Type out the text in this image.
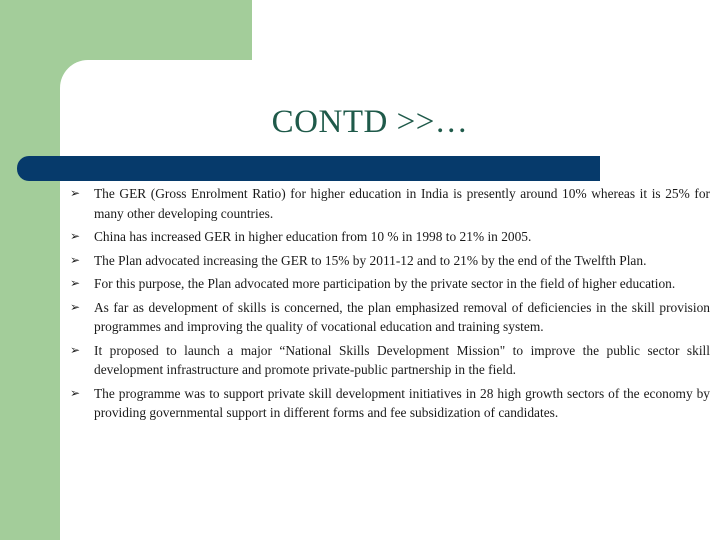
CONTD >>…
➢ The GER (Gross Enrolment Ratio) for higher education in India is presently around 10% whereas it is 25% for many other developing countries.
➢ China has increased GER in higher education from 10 % in 1998 to 21% in 2005.
➢ The Plan advocated increasing the GER to 15% by 2011-12 and to 21% by the end of the Twelfth Plan.
➢ For this purpose, the Plan advocated more participation by the private sector in the field of higher education.
➢ As far as development of skills is concerned, the plan emphasized removal of deficiencies in the skill provision programmes and improving the quality of vocational education and training system.
➢ It proposed to launch a major “National Skills Development Mission" to improve the public sector skill development infrastructure and promote private-public partnership in the field.
➢ The programme was to support private skill development initiatives in 28 high growth sectors of the economy by providing governmental support in different forms and fee subsidization of candidates.
